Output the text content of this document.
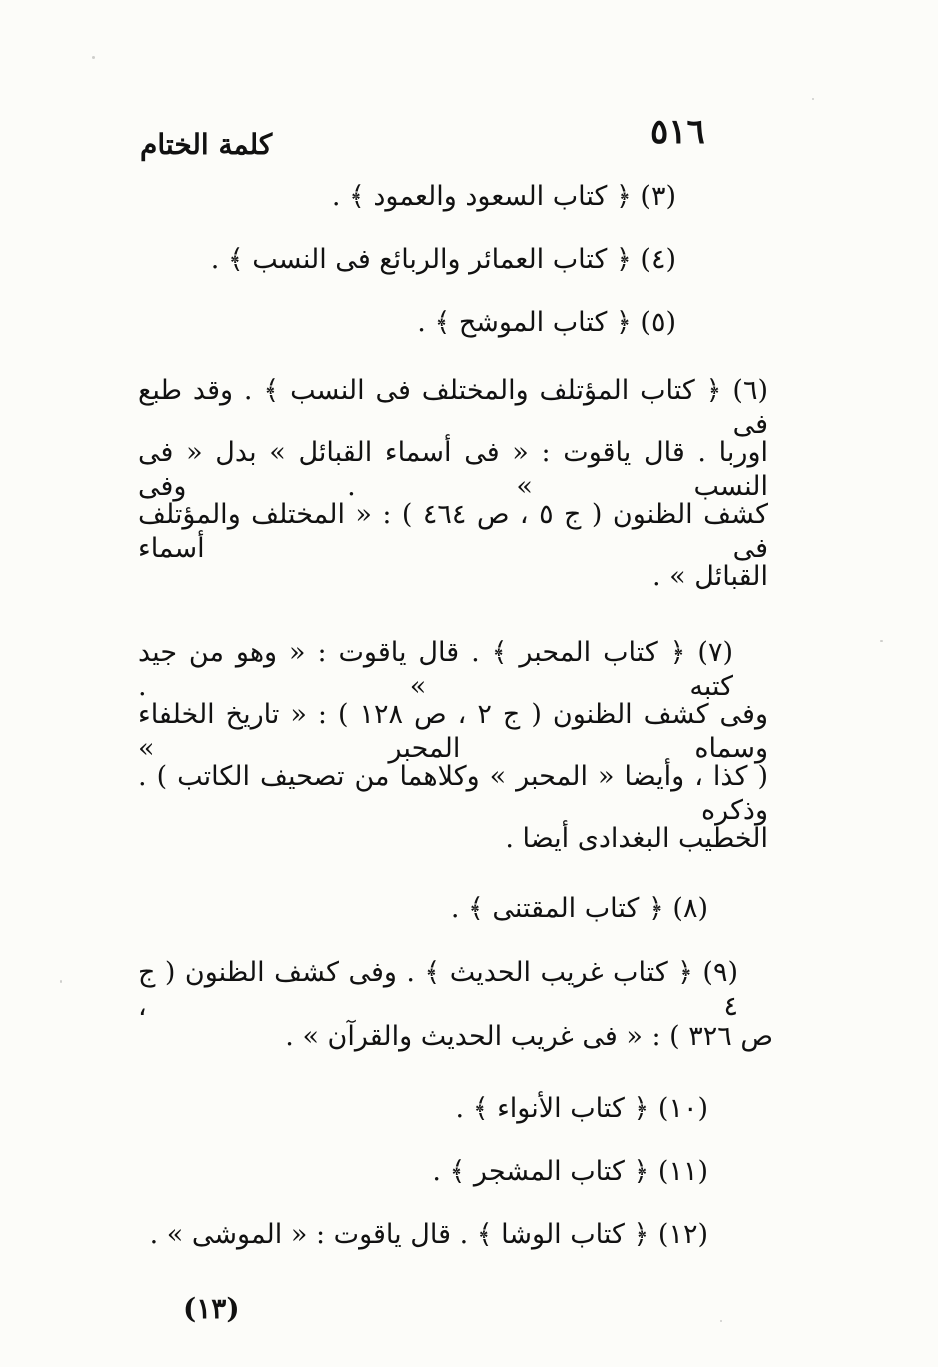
٥١٦
كلمة الختام
(٣) ﴿ كتاب السعود والعمود ﴾ .
(٤) ﴿ كتاب العمائر والربائع فى النسب ﴾ .
(٥) ﴿ كتاب الموشح ﴾ .
(٦) ﴿ كتاب المؤتلف والمختلف فى النسب ﴾ . وقد طبع فى
اوربا . قال ياقوت : « فى أسماء القبائل » بدل « فى النسب » . وفى
كشف الظنون ( ج ٥ ، ص ٤٦٤ ) : « المختلف والمؤتلف فى أسماء
القبائل » .
(٧) ﴿ كتاب المحبر ﴾ . قال ياقوت : « وهو من جيد كتبه » .
وفى كشف الظنون ( ج ٢ ، ص ١٢٨ ) : « تاريخ الخلفاء وسماه المحبر »
( كذا ، وأيضا « المحبر » وكلاهما من تصحيف الكاتب ) . وذكره
الخطيب البغدادى أيضا .
(٨) ﴿ كتاب المقتنى ﴾ .
(٩) ﴿ كتاب غريب الحديث ﴾ . وفى كشف الظنون ( ج ٤ ،
ص ٣٢٦ ) : « فى غريب الحديث والقرآن » .
(١٠) ﴿ كتاب الأنواء ﴾ .
(١١) ﴿ كتاب المشجر ﴾ .
(١٢) ﴿ كتاب الوشا ﴾ . قال ياقوت : « الموشى » .
(١٣)
